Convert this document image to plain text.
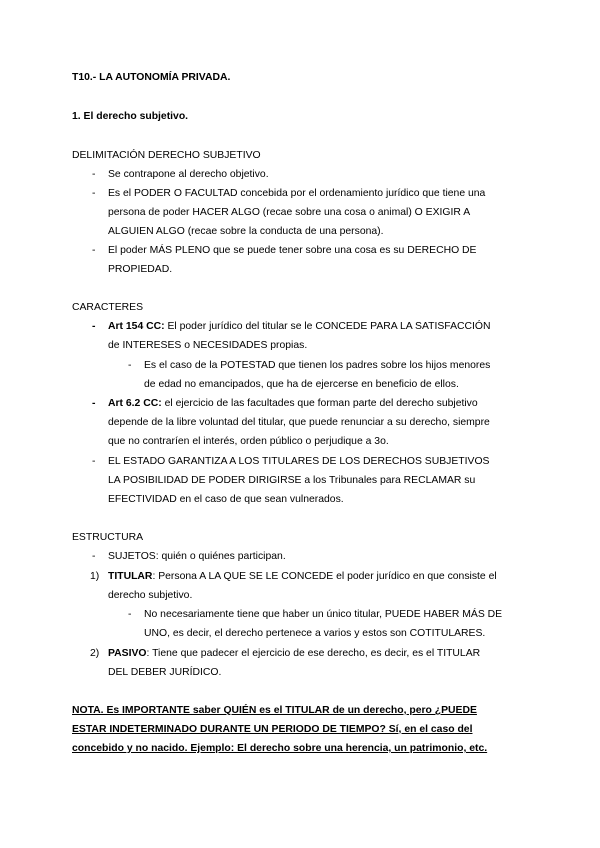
T10.- LA AUTONOMÍA PRIVADA.
1. El derecho subjetivo.
DELIMITACIÓN DERECHO SUBJETIVO
- Se contrapone al derecho objetivo.
- Es el PODER O FACULTAD concebida por el ordenamiento jurídico que tiene una
persona de poder HACER ALGO (recae sobre una cosa o animal) O EXIGIR A
ALGUIEN ALGO (recae sobre la conducta de una persona).
- El poder MÁS PLENO que se puede tener sobre una cosa es su DERECHO DE
PROPIEDAD.
CARACTERES
- Art 154 CC: El poder jurídico del titular se le CONCEDE PARA LA SATISFACCIÓN
de INTERESES o NECESIDADES propias.
- Es el caso de la POTESTAD que tienen los padres sobre los hijos menores
de edad no emancipados, que ha de ejercerse en beneficio de ellos.
- Art 6.2 CC: el ejercicio de las facultades que forman parte del derecho subjetivo
depende de la libre voluntad del titular, que puede renunciar a su derecho, siempre
que no contraríen el interés, orden público o perjudique a 3o.
- EL ESTADO GARANTIZA A LOS TITULARES DE LOS DERECHOS SUBJETIVOS
LA POSIBILIDAD DE PODER DIRIGIRSE a los Tribunales para RECLAMAR su
EFECTIVIDAD en el caso de que sean vulnerados.
ESTRUCTURA
- SUJETOS: quién o quiénes participan.
1) TITULAR: Persona A LA QUE SE LE CONCEDE el poder jurídico en que consiste el
derecho subjetivo.
- No necesariamente tiene que haber un único titular, PUEDE HABER MÁS DE
UNO, es decir, el derecho pertenece a varios y estos son COTITULARES.
2) PASIVO: Tiene que padecer el ejercicio de ese derecho, es decir, es el TITULAR
DEL DEBER JURÍDICO.
NOTA. Es IMPORTANTE saber QUIÉN es el TITULAR de un derecho, pero ¿PUEDE
ESTAR INDETERMINADO DURANTE UN PERIODO DE TIEMPO? Sí, en el caso del
concebido y no nacido. Ejemplo: El derecho sobre una herencia, un patrimonio, etc.
